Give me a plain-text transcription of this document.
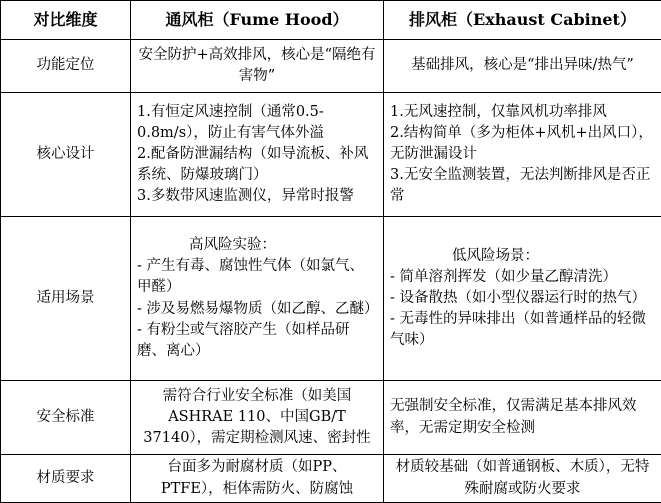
对比维度	通风柜（Fume Hood）	排风柜（Exhaust Cabinet）
功能定位	安全防护+高效排风，核心是“隔绝有害物”	基础排风，核心是“排出异味/热气”

核心设计	1.有恒定风速控制（通常0.5-0.8m/s），防止有害气体外溢
2.配备防泄漏结构（如导流板、补风系统、防爆玻璃门）
3.多数带风速监测仪，异常时报警	1.无风速控制，仅靠风机功率排风
2.结构简单（多为柜体+风机+出风口），无防泄漏设计
3.无安全监测装置，无法判断排风是否正常

适用场景	高风险实验：
- 产生有毒、腐蚀性气体（如氯气、甲醛）
- 涉及易燃易爆物质（如乙醇、乙醚）
- 有粉尘或气溶胶产生（如样品研磨、离心）	低风险场景：
- 简单溶剂挥发（如少量乙醇清洗）
- 设备散热（如小型仪器运行时的热气）
- 无毒性的异味排出（如普通样品的轻微气味）

安全标准	需符合行业安全标准（如美国ASHRAE 110、中国GB/T 37140），需定期检测风速、密封性	无强制安全标准，仅需满足基本排风效率，无需定期安全检测

材质要求	台面多为耐腐材质（如PP、PTFE），柜体需防火、防腐蚀	材质较基础（如普通钢板、木质），无特殊耐腐或防火要求
